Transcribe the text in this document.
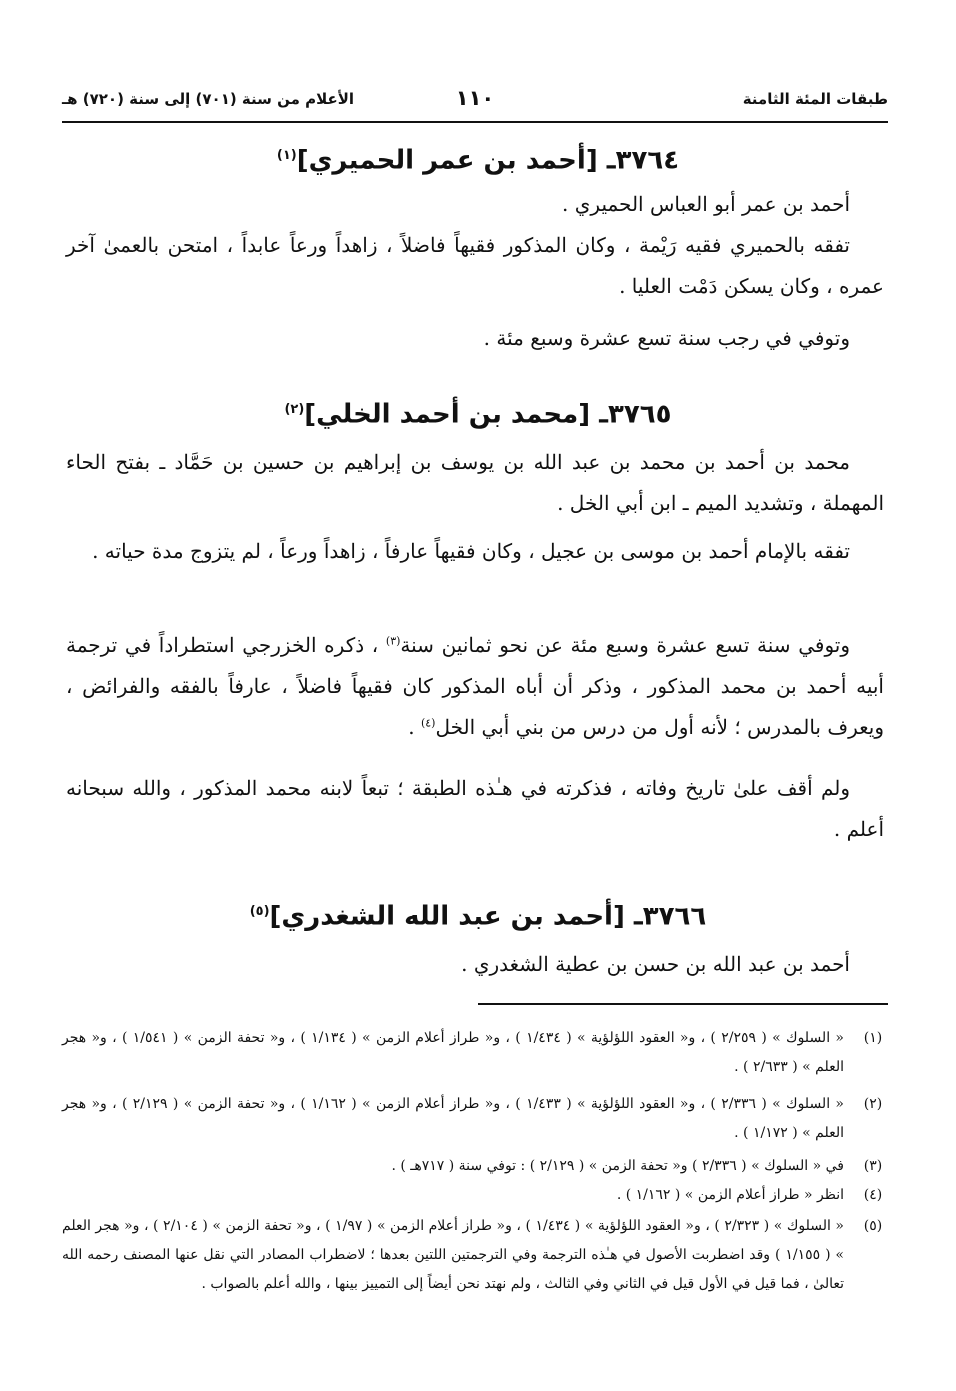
طبقات المئة الثامنة
١١٠
الأعلام من سنة (٧٠١) إلى سنة (٧٢٠) هـ
٣٧٦٤ـ [أحمد بن عمر الحميري]$^{(١)}$

أحمد بن عمر أبو العباس الحميري .

تفقه بالحميري فقيه رَيْمة ، وكان المذكور فقيهاً فاضلاً ، زاهداً ورعاً عابداً ، امتحن بالعمىٰ آخر عمره ، وكان يسكن دَمْت العليا .

وتوفي في رجب سنة تسع عشرة وسبع مئة .

٣٧٦٥ـ [محمد بن أحمد الخلي]$^{(٢)}$

محمد بن أحمد بن محمد بن عبد الله بن يوسف بن إبراهيم بن حسين بن حَمَّاد ـ بفتح الحاء المهملة ، وتشديد الميم ـ ابن أبي الخل .

تفقه بالإمام أحمد بن موسى بن عجيل ، وكان فقيهاً عارفاً ، زاهداً ورعاً ، لم يتزوج مدة حياته .

وتوفي سنة تسع عشرة وسبع مئة عن نحو ثمانين سنة$^{(٣)}$ ، ذكره الخزرجي استطراداً في ترجمة أبيه أحمد بن محمد المذكور ، وذكر أن أباه المذكور كان فقيهاً فاضلاً ، عارفاً بالفقه والفرائض ، ويعرف بالمدرس ؛ لأنه أول من درس من بني أبي الخل$^{(٤)}$ .

ولم أقف علىٰ تاريخ وفاته ، فذكرته في هـٰذه الطبقة ؛ تبعاً لابنه محمد المذكور ، والله سبحانه أعلم .

٣٧٦٦ـ [أحمد بن عبد الله الشغدري]$^{(٥)}$

أحمد بن عبد الله بن حسن بن عطية الشغدري .

(١)
« السلوك » ( ٢/٢٥٩ ) ، و« العقود اللؤلؤية » ( ١/٤٣٤ ) ، و« طراز أعلام الزمن » ( ١/١٣٤ ) ، و« تحفة الزمن » ( ١/٥٤١ ) ، و« هجر العلم » ( ٢/٦٣٣ ) .
(٢)
« السلوك » ( ٢/٣٣٦ ) ، و« العقود اللؤلؤية » ( ١/٤٣٣ ) ، و« طراز أعلام الزمن » ( ١/١٦٢ ) ، و« تحفة الزمن » ( ٢/١٢٩ ) ، و« هجر العلم » ( ١/١٧٢ ) .
(٣)
في « السلوك » ( ٢/٣٣٦ ) و« تحفة الزمن » ( ٢/١٢٩ ) : توفي سنة ( ٧١٧هـ ) .
(٤)
انظر « طراز أعلام الزمن » ( ١/١٦٢ ) .
(٥)
« السلوك » ( ٢/٣٢٣ ) ، و« العقود اللؤلؤية » ( ١/٤٣٤ ) ، و« طراز أعلام الزمن » ( ١/٩٧ ) ، و« تحفة الزمن » ( ٢/١٠٤ ) ، و« هجر العلم » ( ١/١٥٥ ) وقد اضطربت الأصول في هـٰذه الترجمة وفي الترجمتين اللتين بعدها ؛ لاضطراب المصادر التي نقل عنها المصنف رحمه الله تعالىٰ ، فما قيل في الأول قيل في الثاني وفي الثالث ، ولم نهتد نحن أيضاً إلى التمييز بينها ، والله أعلم بالصواب .
